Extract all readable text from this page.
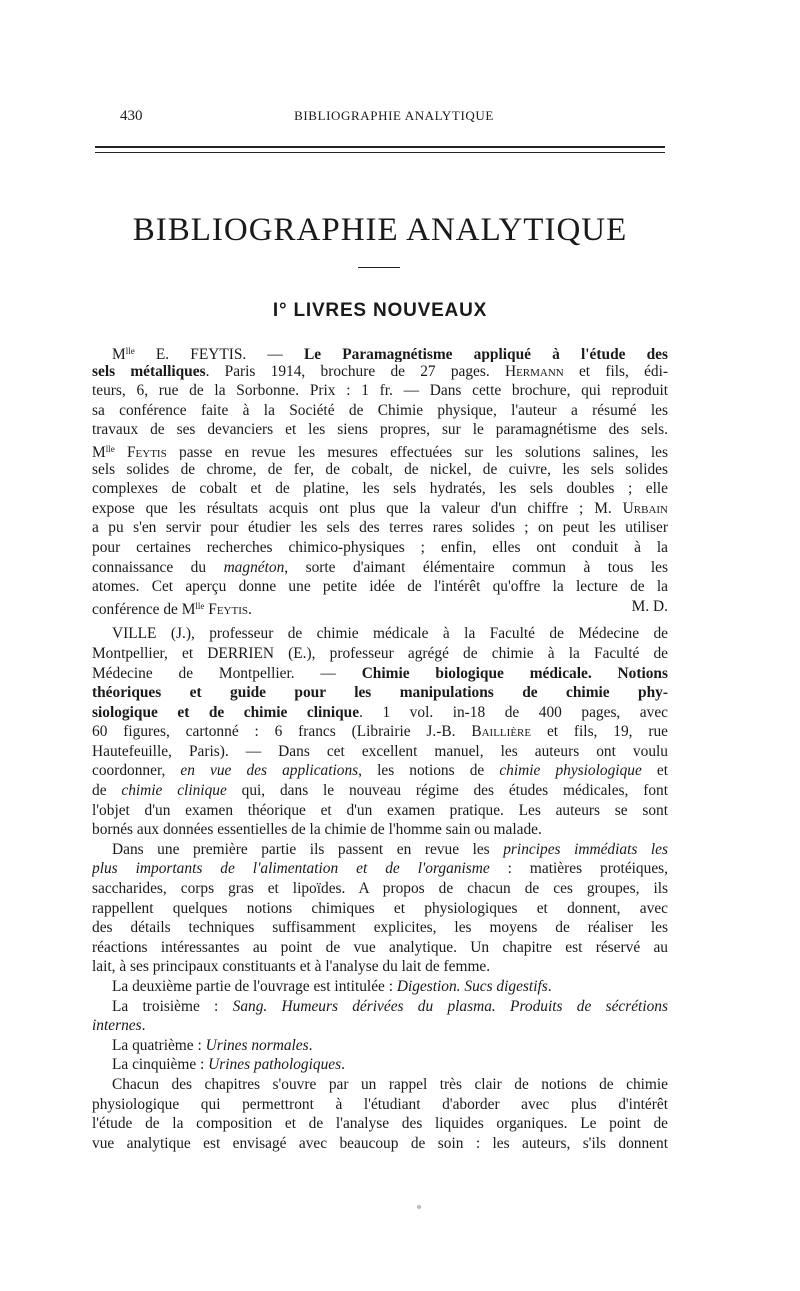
430	BIBLIOGRAPHIE ANALYTIQUE
BIBLIOGRAPHIE ANALYTIQUE
I° LIVRES NOUVEAUX
$M^{lle}$ E. FEYTIS. — Le Paramagnétisme appliqué à l'étude des
sels métalliques. Paris 1914, brochure de 27 pages. Hermann et fils, édi-
teurs, 6, rue de la Sorbonne. Prix : 1 fr. — Dans cette brochure, qui reproduit
sa conférence faite à la Société de Chimie physique, l'auteur a résumé les
travaux de ses devanciers et les siens propres, sur le paramagnétisme des sels.
$M^{lle}$ Feytis passe en revue les mesures effectuées sur les solutions salines, les
sels solides de chrome, de fer, de cobalt, de nickel, de cuivre, les sels solides
complexes de cobalt et de platine, les sels hydratés, les sels doubles ; elle
expose que les résultats acquis ont plus que la valeur d'un chiffre ; M. Urbain
a pu s'en servir pour étudier les sels des terres rares solides ; on peut les utiliser
pour certaines recherches chimico-physiques ; enfin, elles ont conduit à la
connaissance du magnéton, sorte d'aimant élémentaire commun à tous les
atomes. Cet aperçu donne une petite idée de l'intérêt qu'offre la lecture de la
conférence de $M^{lle}$ Feytis.	M. D.
VILLE (J.), professeur de chimie médicale à la Faculté de Médecine de
Montpellier, et DERRIEN (E.), professeur agrégé de chimie à la Faculté de
Médecine de Montpellier. — Chimie biologique médicale. Notions
théoriques et guide pour les manipulations de chimie phy-
siologique et de chimie clinique. 1 vol. in-18 de 400 pages, avec
60 figures, cartonné : 6 francs (Librairie J.-B. Baillière et fils, 19, rue
Hautefeuille, Paris). — Dans cet excellent manuel, les auteurs ont voulu
coordonner, en vue des applications, les notions de chimie physiologique et
de chimie clinique qui, dans le nouveau régime des études médicales, font
l'objet d'un examen théorique et d'un examen pratique. Les auteurs se sont
bornés aux données essentielles de la chimie de l'homme sain ou malade.
Dans une première partie ils passent en revue les principes immédiats les
plus importants de l'alimentation et de l'organisme : matières protéiques,
saccharides, corps gras et lipoïdes. A propos de chacun de ces groupes, ils
rappellent quelques notions chimiques et physiologiques et donnent, avec
des détails techniques suffisamment explicites, les moyens de réaliser les
réactions intéressantes au point de vue analytique. Un chapitre est réservé au
lait, à ses principaux constituants et à l'analyse du lait de femme.
La deuxième partie de l'ouvrage est intitulée : Digestion. Sucs digestifs.
La troisième : Sang. Humeurs dérivées du plasma. Produits de sécrétions
internes.
La quatrième : Urines normales.
La cinquième : Urines pathologiques.
Chacun des chapitres s'ouvre par un rappel très clair de notions de chimie
physiologique qui permettront à l'étudiant d'aborder avec plus d'intérêt
l'étude de la composition et de l'analyse des liquides organiques. Le point de
vue analytique est envisagé avec beaucoup de soin : les auteurs, s'ils donnent
